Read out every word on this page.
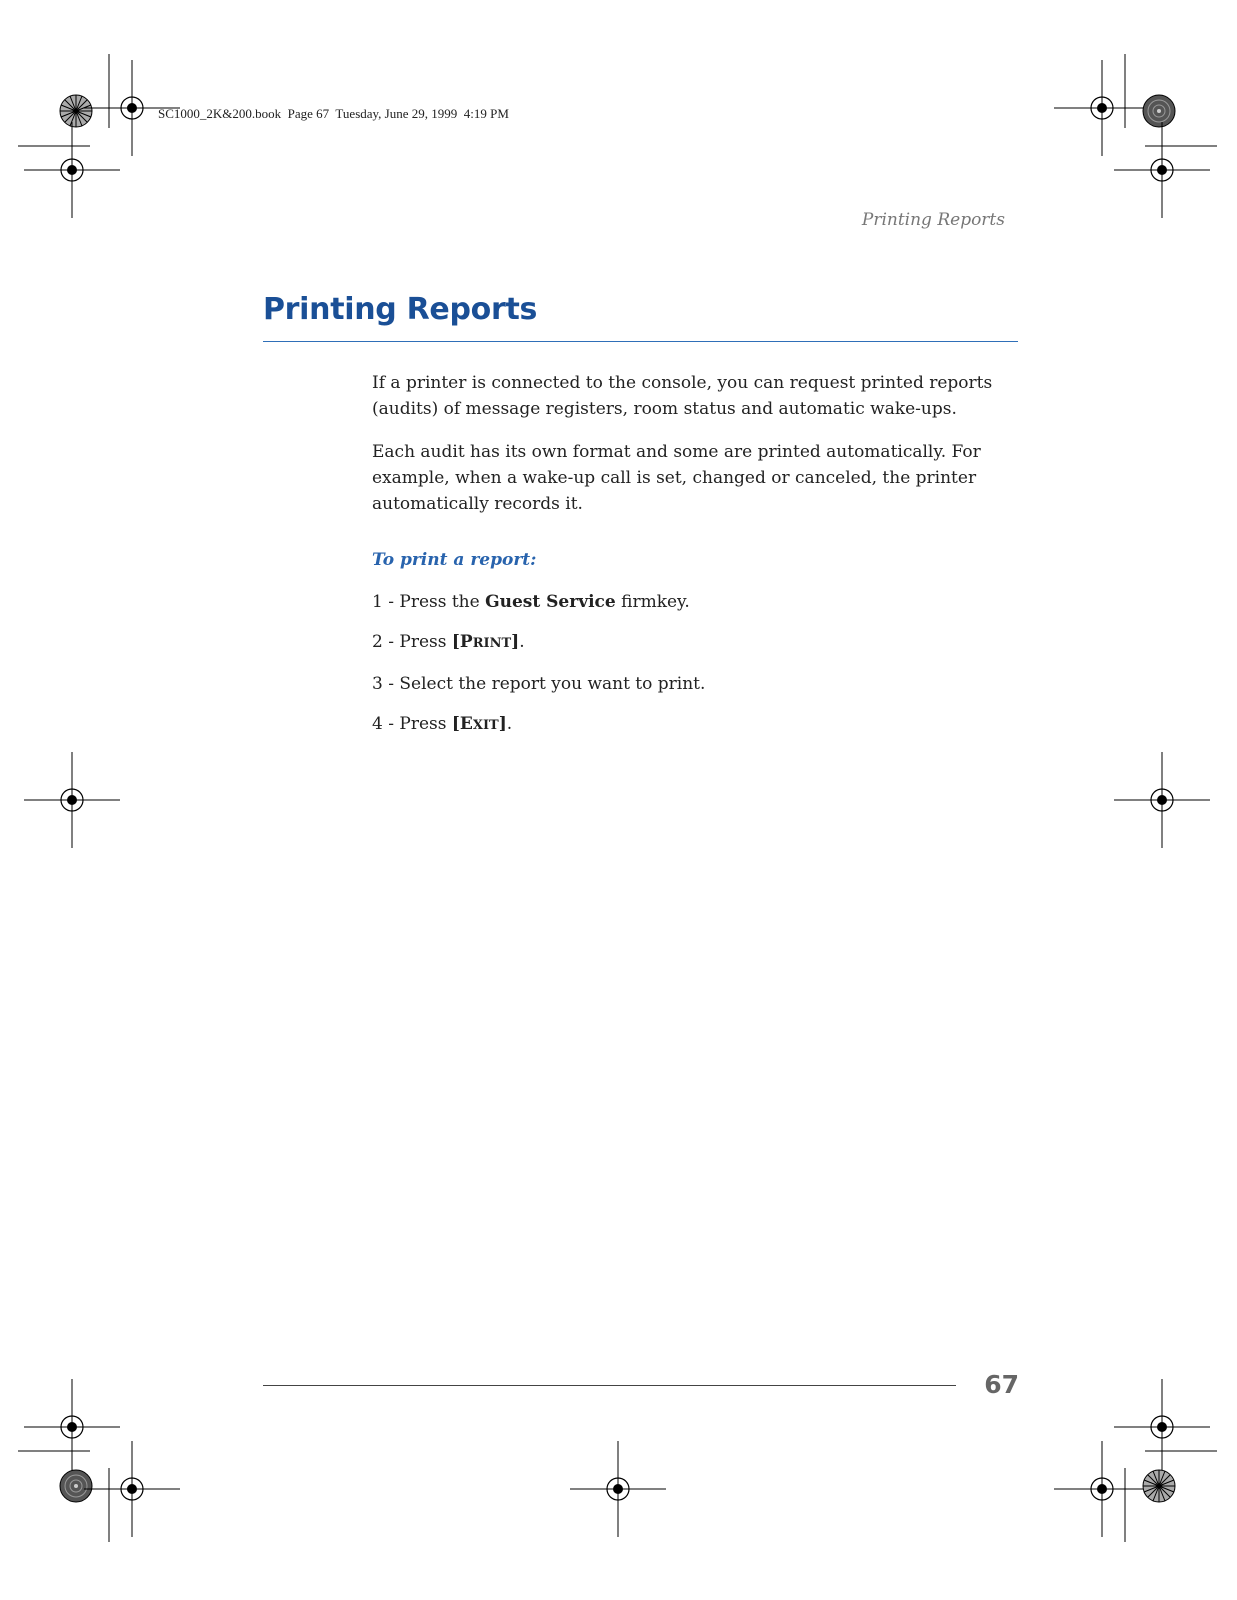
SC1000_2K&200.book  Page 67  Tuesday, June 29, 1999  4:19 PM
Printing Reports
Printing Reports

If a printer is connected to the console, you can request printed reports (audits) of message registers, room status and automatic wake-ups.

Each audit has its own format and some are printed automatically. For example, when a wake-up call is set, changed or canceled, the printer automatically records it.

To print a report:
1 - Press the Guest Service firmkey.
2 - Press [PRINT].
3 - Select the report you want to print.
4 - Press [EXIT].
67
